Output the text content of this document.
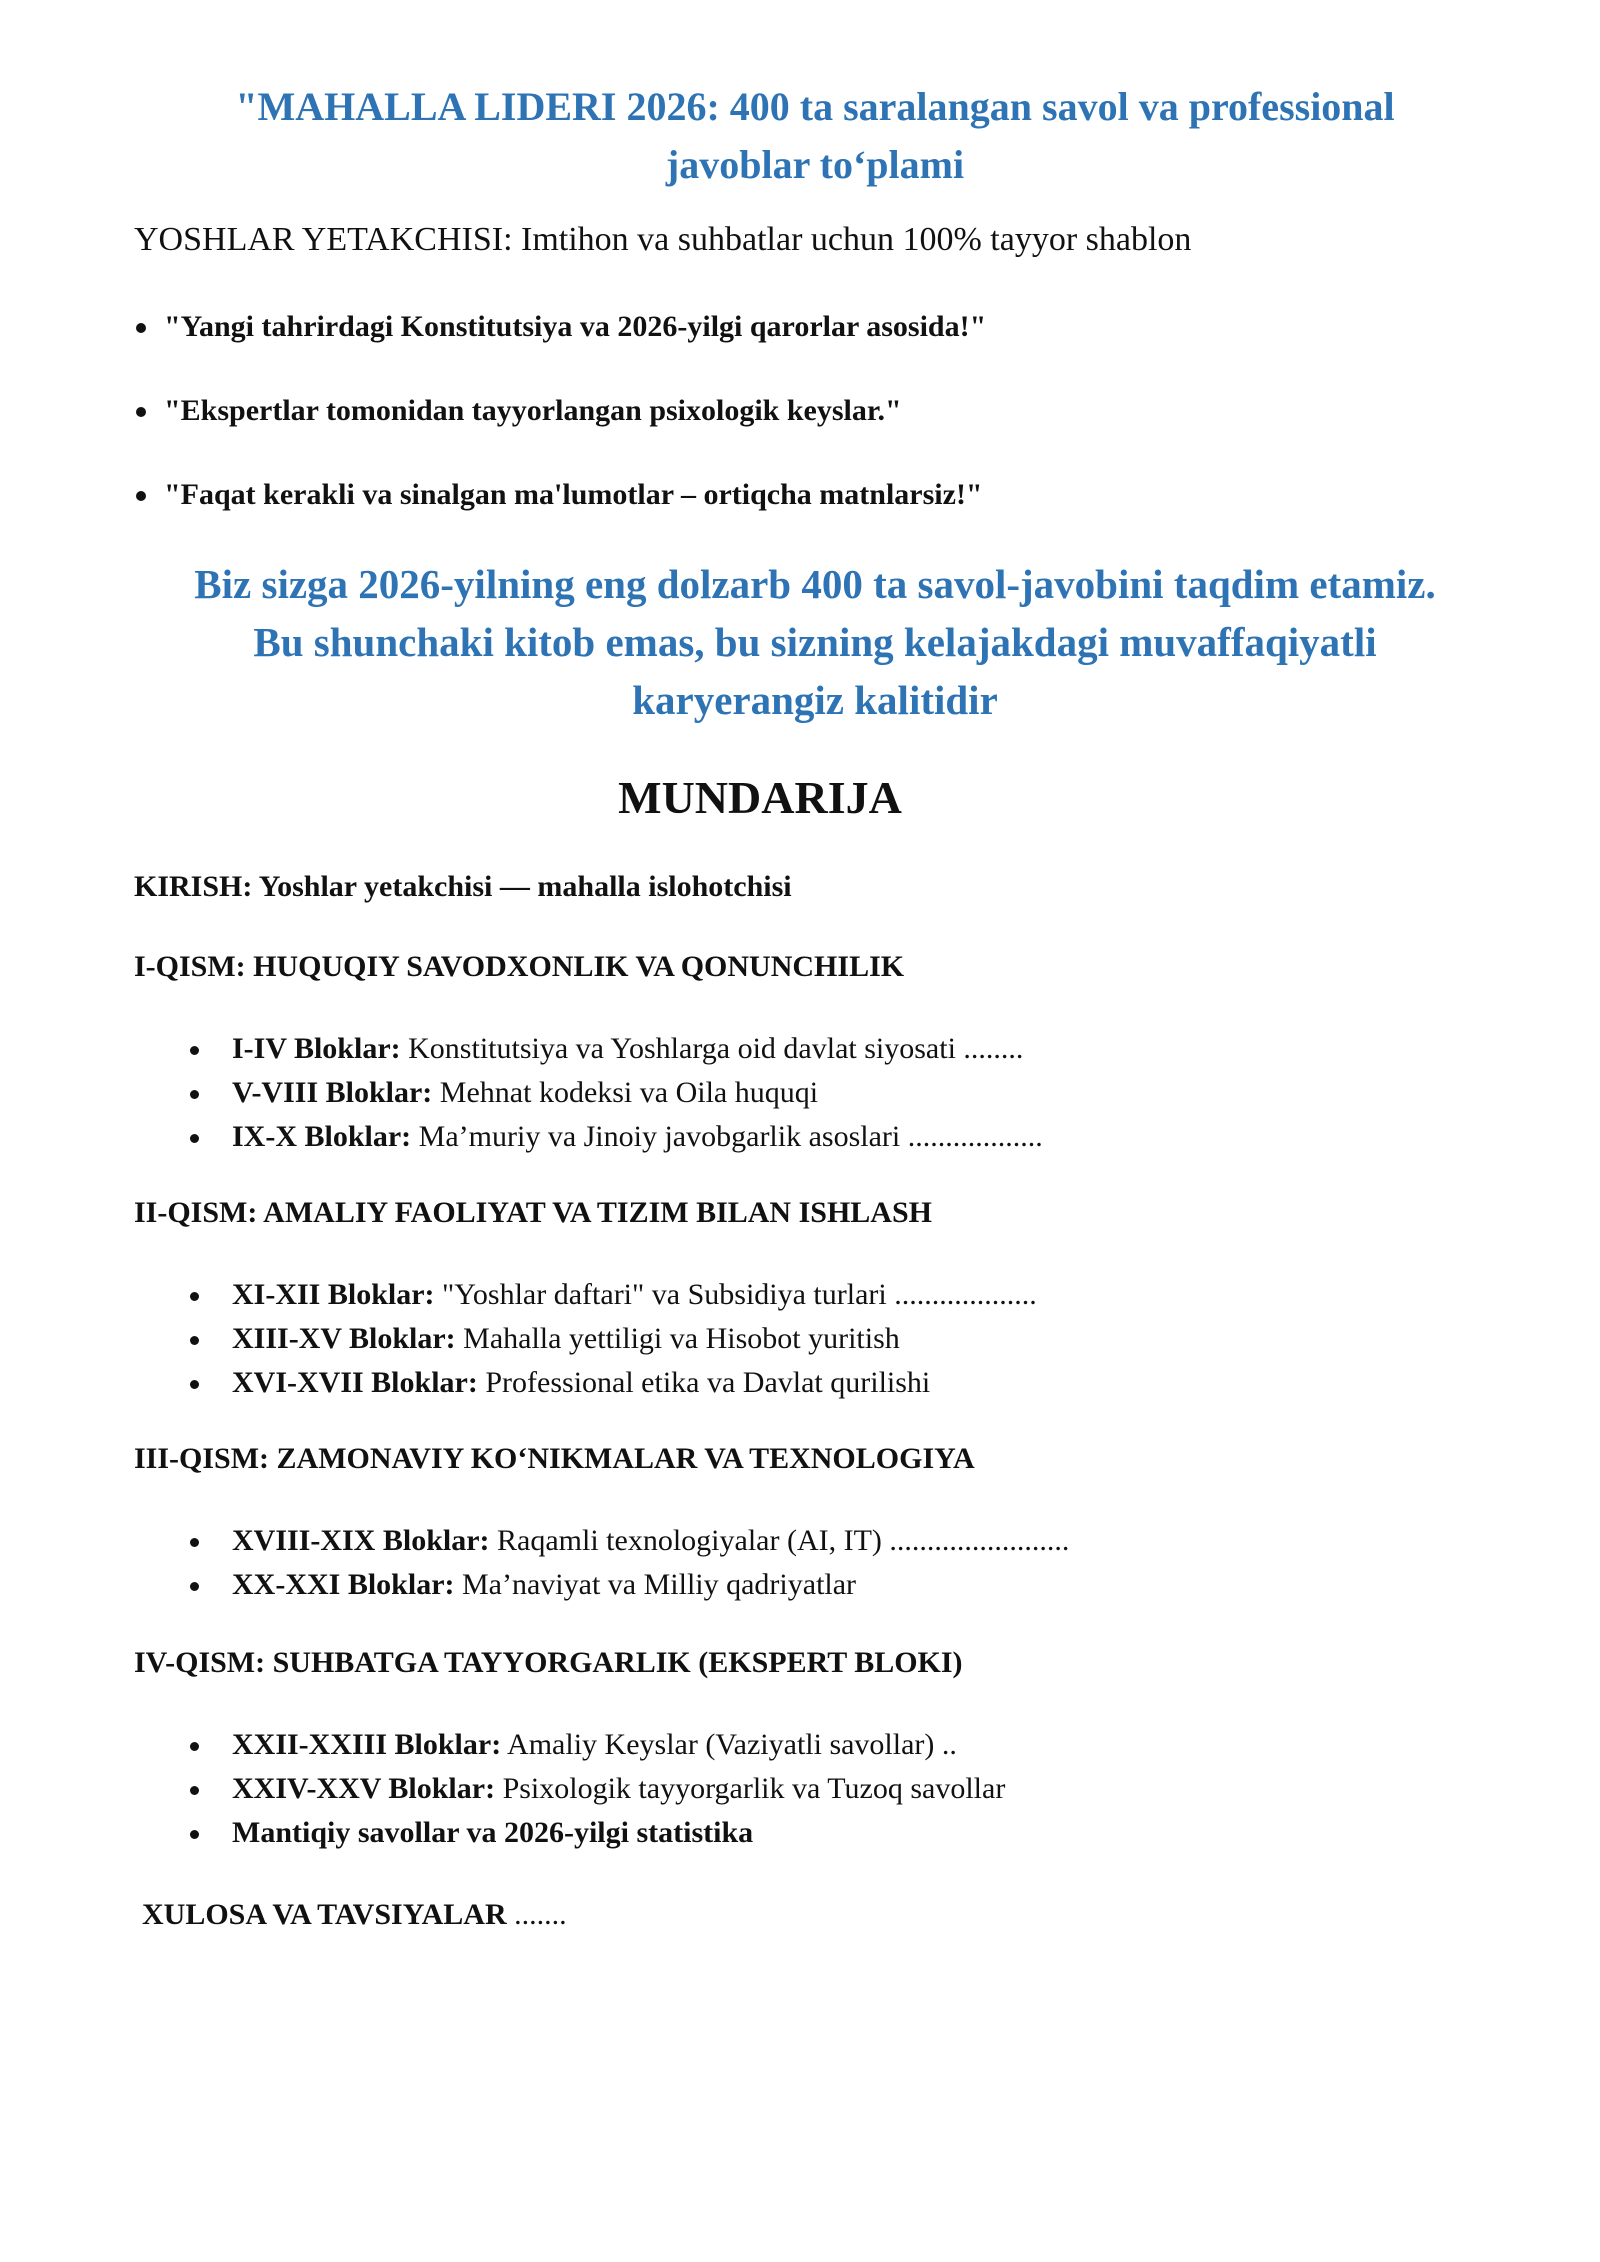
"MAHALLA LIDERI 2026: 400 ta saralangan savol va professional
javoblar to‘plami

YOSHLAR YETAKCHISI: Imtihon va suhbatlar uchun 100% tayyor shablon

"Yangi tahrirdagi Konstitutsiya va 2026-yilgi qarorlar asosida!"
"Ekspertlar tomonidan tayyorlangan psixologik keyslar."
"Faqat kerakli va sinalgan ma'lumotlar – ortiqcha matnlarsiz!"
Biz sizga 2026-yilning eng dolzarb 400 ta savol-javobini taqdim etamiz.
Bu shunchaki kitob emas, bu sizning kelajakdagi muvaffaqiyatli
karyerangiz kalitidir
MUNDARIJA

KIRISH: Yoshlar yetakchisi — mahalla islohotchisi

I-QISM: HUQUQIY SAVODXONLIK VA QONUNCHILIK

I-IV Bloklar: Konstitutsiya va Yoshlarga oid davlat siyosati ........
V-VIII Bloklar: Mehnat kodeksi va Oila huquqi
IX-X Bloklar: Ma’muriy va Jinoiy javobgarlik asoslari ..................

II-QISM: AMALIY FAOLIYAT VA TIZIM BILAN ISHLASH

XI-XII Bloklar: "Yoshlar daftari" va Subsidiya turlari ...................
XIII-XV Bloklar: Mahalla yettiligi va Hisobot yuritish
XVI-XVII Bloklar: Professional etika va Davlat qurilishi

III-QISM: ZAMONAVIY KO‘NIKMALAR VA TEXNOLOGIYA

XVIII-XIX Bloklar: Raqamli texnologiyalar (AI, IT) ........................
XX-XXI Bloklar: Ma’naviyat va Milliy qadriyatlar

IV-QISM: SUHBATGA TAYYORGARLIK (EKSPERT BLOKI)

XXII-XXIII Bloklar: Amaliy Keyslar (Vaziyatli savollar) ..
XXIV-XXV Bloklar: Psixologik tayyorgarlik va Tuzoq savollar
Mantiqiy savollar va 2026-yilgi statistika

XULOSA VA TAVSIYALAR .......
